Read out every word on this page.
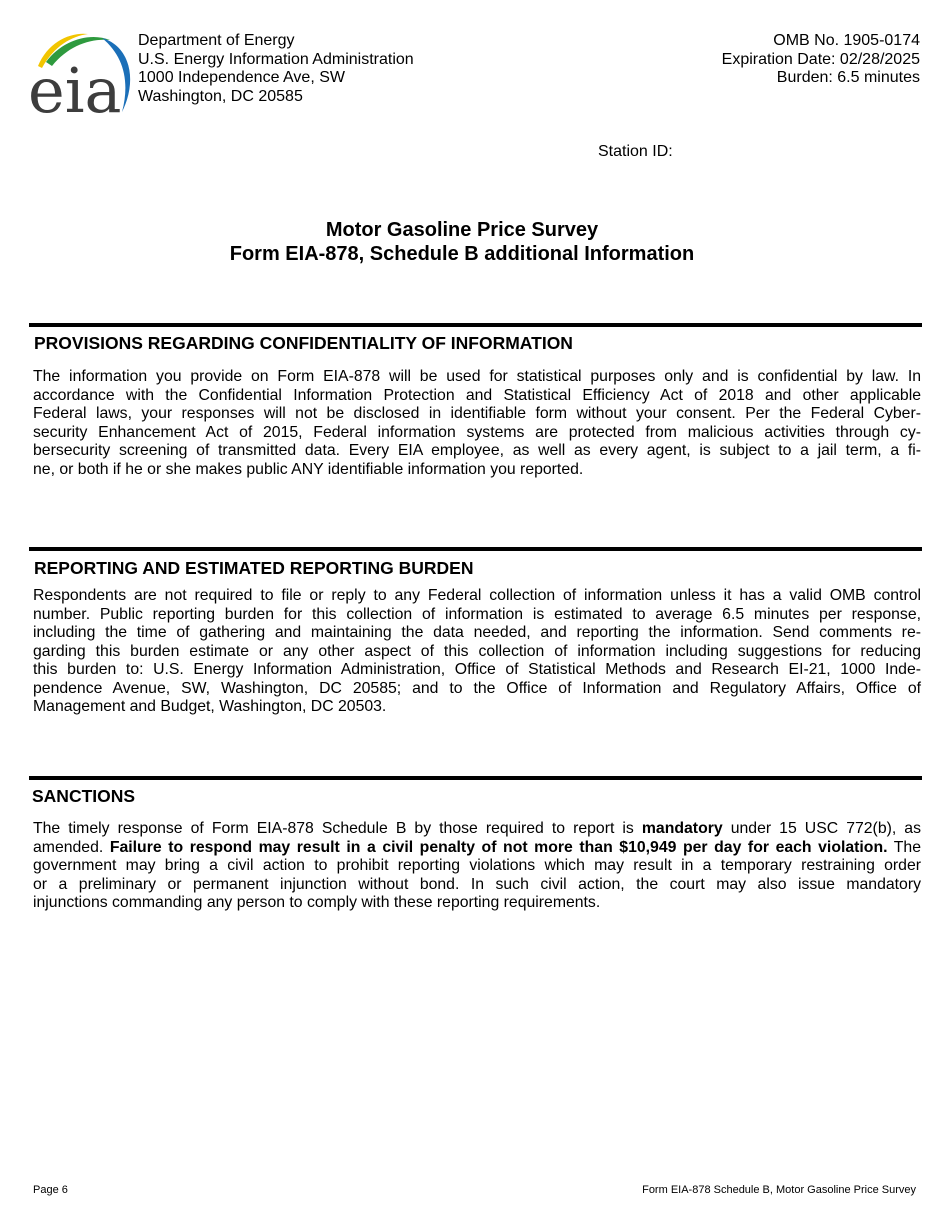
eia
Department of Energy
U.S. Energy Information Administration
1000 Independence Ave, SW
Washington, DC 20585
OMB No. 1905-0174
Expiration Date: 02/28/2025
Burden: 6.5 minutes
Station ID:
Motor Gasoline Price Survey
Form EIA-878, Schedule B additional Information
PROVISIONS REGARDING CONFIDENTIALITY OF INFORMATION
The information you provide on Form EIA-878 will be used for statistical purposes only and is confidential by law. In
accordance with the Confidential Information Protection and Statistical Efficiency Act of 2018 and other applicable
Federal laws, your responses will not be disclosed in identifiable form without your consent. Per the Federal Cyber-
security Enhancement Act of 2015, Federal information systems are protected from malicious activities through cy-
bersecurity screening of transmitted data. Every EIA employee, as well as every agent, is subject to a jail term, a fi-
ne, or both if he or she makes public ANY identifiable information you reported.
REPORTING AND ESTIMATED REPORTING BURDEN
Respondents are not required to file or reply to any Federal collection of information unless it has a valid OMB control
number. Public reporting burden for this collection of information is estimated to average 6.5 minutes per response,
including the time of gathering and maintaining the data needed, and reporting the information. Send comments re-
garding this burden estimate or any other aspect of this collection of information including suggestions for reducing
this burden to: U.S. Energy Information Administration, Office of Statistical Methods and Research EI-21, 1000 Inde-
pendence Avenue, SW, Washington, DC 20585; and to the Office of Information and Regulatory Affairs, Office of
Management and Budget, Washington, DC 20503.
SANCTIONS
The timely response of Form EIA-878 Schedule B by those required to report is mandatory under 15 USC 772(b), as
amended. Failure to respond may result in a civil penalty of not more than $10,949 per day for each violation. The
government may bring a civil action to prohibit reporting violations which may result in a temporary restraining order
or a preliminary or permanent injunction without bond. In such civil action, the court may also issue mandatory
injunctions commanding any person to comply with these reporting requirements.
Page 6	Form EIA-878 Schedule B, Motor Gasoline Price Survey
